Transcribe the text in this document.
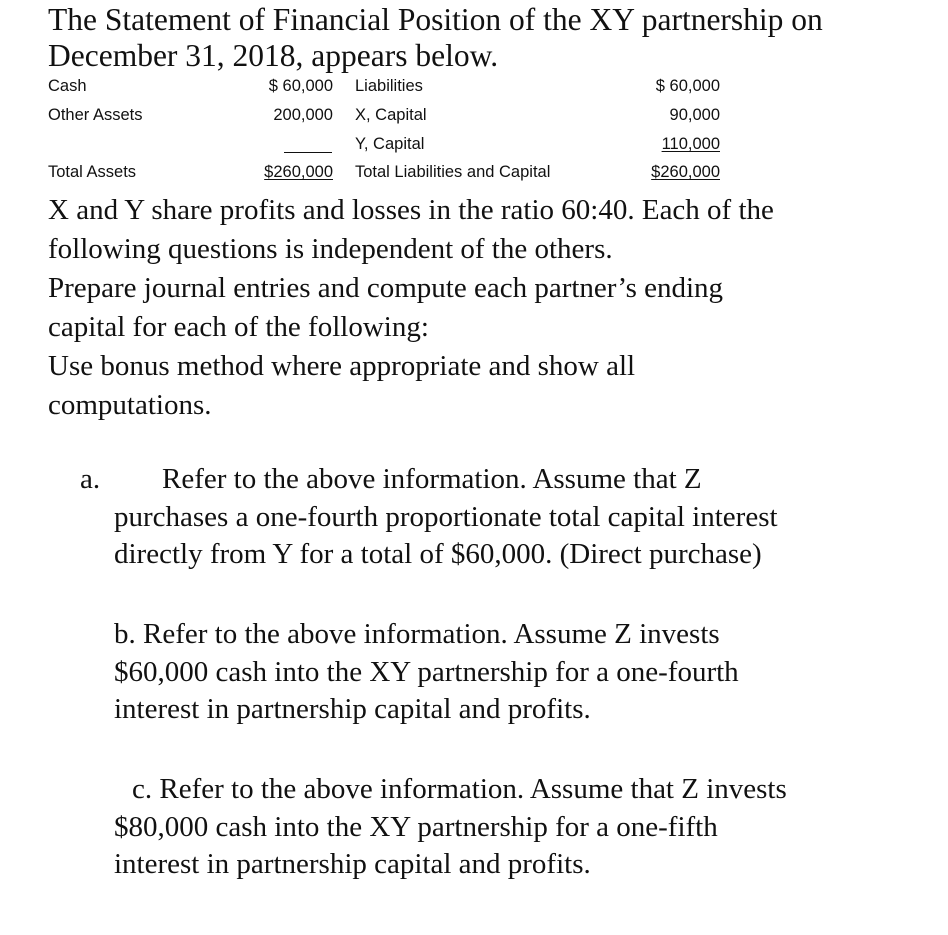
The Statement of Financial Position of the XY partnership on
December 31, 2018, appears below.
Cash	$ 60,000 Liabilities	$ 60,000
Other Assets	200,000 X, Capital	90,000
Y, Capital	110,000
Total Assets	$260,000 Total Liabilities and Capital	$260,000

X and Y share profits and losses in the ratio 60:40. Each of the
following questions is independent of the others.
Prepare journal entries and compute each partner’s ending
capital for each of the following:
Use bonus method where appropriate and show all
computations.

a.	Refer to the above information. Assume that Z
purchases a one-fourth proportionate total capital interest
directly from Y for a total of $60,000. (Direct purchase)

b. Refer to the above information. Assume Z invests
$60,000 cash into the XY partnership for a one-fourth
interest in partnership capital and profits.

c. Refer to the above information. Assume that Z invests
$80,000 cash into the XY partnership for a one-fifth
interest in partnership capital and profits.
